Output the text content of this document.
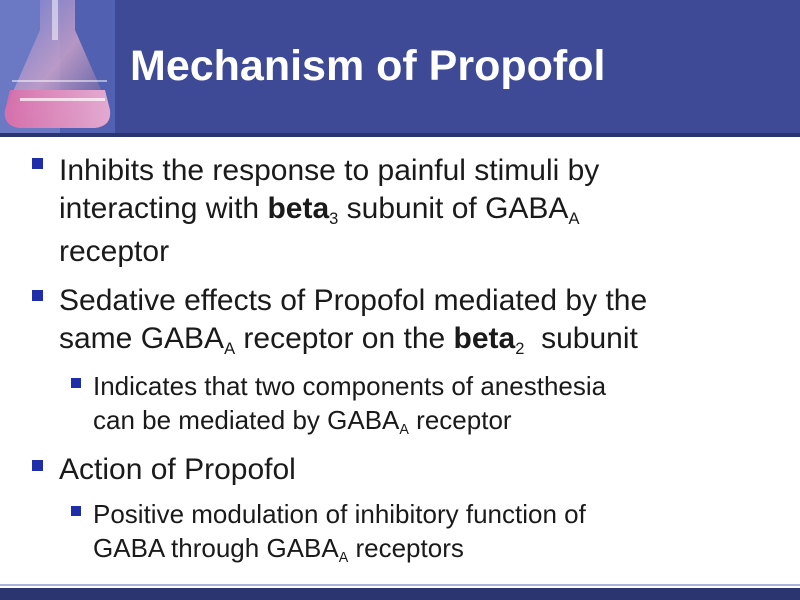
Mechanism of Propofol
Inhibits the response to painful stimuli by
interacting with beta$_3$ subunit of $GABA_A$
receptor
Sedative effects of Propofol mediated by the
same $GABA_A$ receptor on the beta$_2$  subunit
Indicates that two components of anesthesia
can be mediated by $GABA_A$ receptor
Action of Propofol
Positive modulation of inhibitory function of
GABA through $GABA_A$ receptors
